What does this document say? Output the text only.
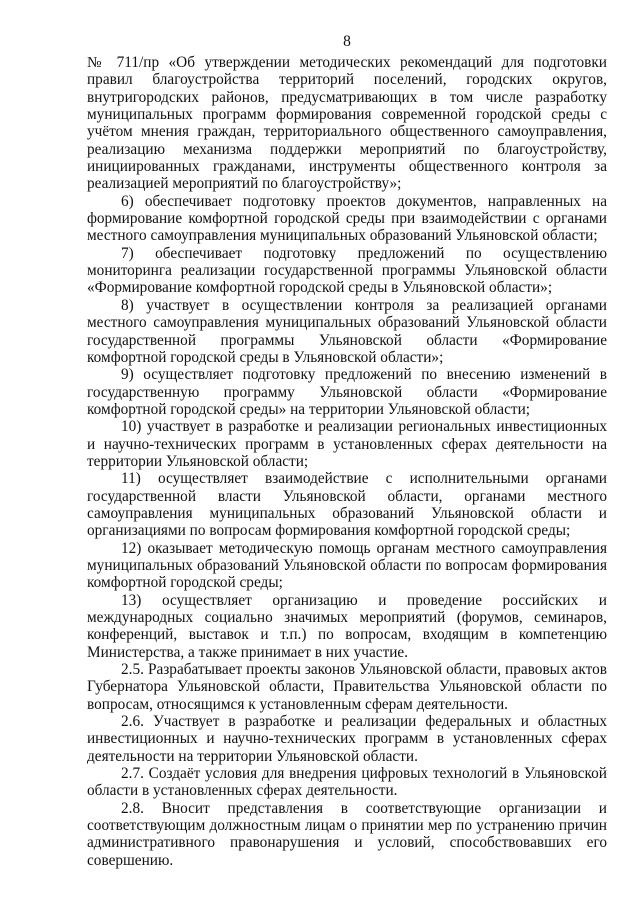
8

№ 711/пр «Об утверждении методических рекомендаций для подготовки правил благоустройства территорий поселений, городских округов, внутригородских районов, предусматривающих в том числе разработку муниципальных программ формирования современной городской среды с учётом мнения граждан, территориального общественного самоуправления, реализацию механизма поддержки мероприятий по благоустройству, инициированных гражданами, инструменты общественного контроля за реализацией мероприятий по благоустройству»;

6) обеспечивает подготовку проектов документов, направленных на формирование комфортной городской среды при взаимодействии с органами местного самоуправления муниципальных образований Ульяновской области;

7) обеспечивает подготовку предложений по осуществлению мониторинга реализации государственной программы Ульяновской области «Формирование комфортной городской среды в Ульяновской области»;

8) участвует в осуществлении контроля за реализацией органами местного самоуправления муниципальных образований Ульяновской области государственной программы Ульяновской области «Формирование комфортной городской среды в Ульяновской области»;

9) осуществляет подготовку предложений по внесению изменений в государственную программу Ульяновской области «Формирование комфортной городской среды» на территории Ульяновской области;

10) участвует в разработке и реализации региональных инвестиционных и научно-технических программ в установленных сферах деятельности на территории Ульяновской области;

11) осуществляет взаимодействие с исполнительными органами государственной власти Ульяновской области, органами местного самоуправления муниципальных образований Ульяновской области и организациями по вопросам формирования комфортной городской среды;

12) оказывает методическую помощь органам местного самоуправления муниципальных образований Ульяновской области по вопросам формирования комфортной городской среды;

13) осуществляет организацию и проведение российских и международных социально значимых мероприятий (форумов, семинаров, конференций, выставок и т.п.) по вопросам, входящим в компетенцию Министерства, а также принимает в них участие.

2.5. Разрабатывает проекты законов Ульяновской области, правовых актов Губернатора Ульяновской области, Правительства Ульяновской области по вопросам, относящимся к установленным сферам деятельности.

2.6. Участвует в разработке и реализации федеральных и областных инвестиционных и научно-технических программ в установленных сферах деятельности на территории Ульяновской области.

2.7. Создаёт условия для внедрения цифровых технологий в Ульяновской области в установленных сферах деятельности.

2.8. Вносит представления в соответствующие организации и соответствующим должностным лицам о принятии мер по устранению причин административного правонарушения и условий, способствовавших его совершению.
